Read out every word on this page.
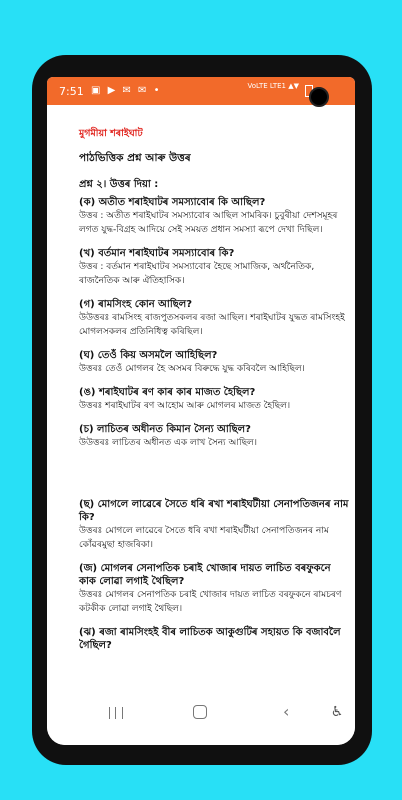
7:51 ▣ ▶ ✉ ✉ •	VoLTE LTE1 ▲▼
মুগমীয়া শৰাইঘাট
পাঠভিত্তিক প্ৰশ্ন আৰু উত্তৰ
প্ৰশ্ন ২। উত্তৰ দিয়া :
(ক) অতীত শৰাইঘাটৰ সমস্যাবোৰ কি আছিল?
উত্তৰ : অতীত শৰাইঘাটৰ সমস্যাবোৰ আছিল সামৰিক। চুবুৰীয়া দেশসমূহৰ লগত যুদ্ধ-বিগ্ৰহ আদিয়ে সেই সময়ত প্ৰধান সমস্যা ৰূপে দেখা দিছিল।
(খ) বৰ্তমান শৰাইঘাটৰ সমস্যাবোৰ কি?
উত্তৰ : বৰ্তমান শৰাইঘাটৰ সমস্যাবোৰ হৈছে সামাজিক, অৰ্থনৈতিক, ৰাজনৈতিক আৰু ঐতিহাসিক।
(গ) ৰামসিংহ কোন আছিল?
উউত্তৰঃ ৰামসিংহ ৰাজপুতসকলৰ ৰজা আছিল। শৰাইঘাটৰ যুদ্ধত ৰামসিংহই মোগলসকলৰ প্ৰতিনিধিত্ব কৰিছিল।
(ঘ) তেওঁ কিয় অসমলৈ আহিছিল?
উত্তৰঃ তেওঁ মোগলৰ হৈ অসমৰ বিৰুদ্ধে যুদ্ধ কৰিবলৈ আহিছিল।
(ঙ) শৰাইঘাটৰ ৰণ কাৰ কাৰ মাজত হৈছিল?
উত্তৰঃ শৰাইঘাটৰ ৰণ আহোম আৰু মোগলৰ মাজত হৈছিল।
(চ) লাচিতৰ অধীনত কিমান সৈন্য আছিল?
উউত্তৰঃ লাচিতৰ অধীনত এক লাখ সৈন্য আছিল।
(ছ) মোগলে লাৱেৰে সৈতে ধৰি ৰখা শৰাইঘটীয়া সেনাপতিজনৰ নাম কি?
উত্তৰঃ মোগলে লাৱেৰে সৈতে ধৰি ৰখা শৰাইঘটীয়া সেনাপতিজনৰ নাম কোঁৱৰমুছা হাজৰিকা।
(জ) মোগলৰ সেনাপতিক চৰাই খোজাৰ দায়ত লাচিত বৰফুকনে কাক লোৱা লগাই থৈছিল?
উত্তৰঃ মোগলৰ সেনাপতিক চৰাই খোজাৰ দায়ত লাচিত বৰফুকনে ৰামচৰণ কটকীক লোৱা লগাই থৈছিল।
(ঝ) ৰজা ৰামসিংহই বীৰ লাচিতক আকুগুটিৰ সহায়ত কি বজাবলৈ গৈছিল?
‹	♿
